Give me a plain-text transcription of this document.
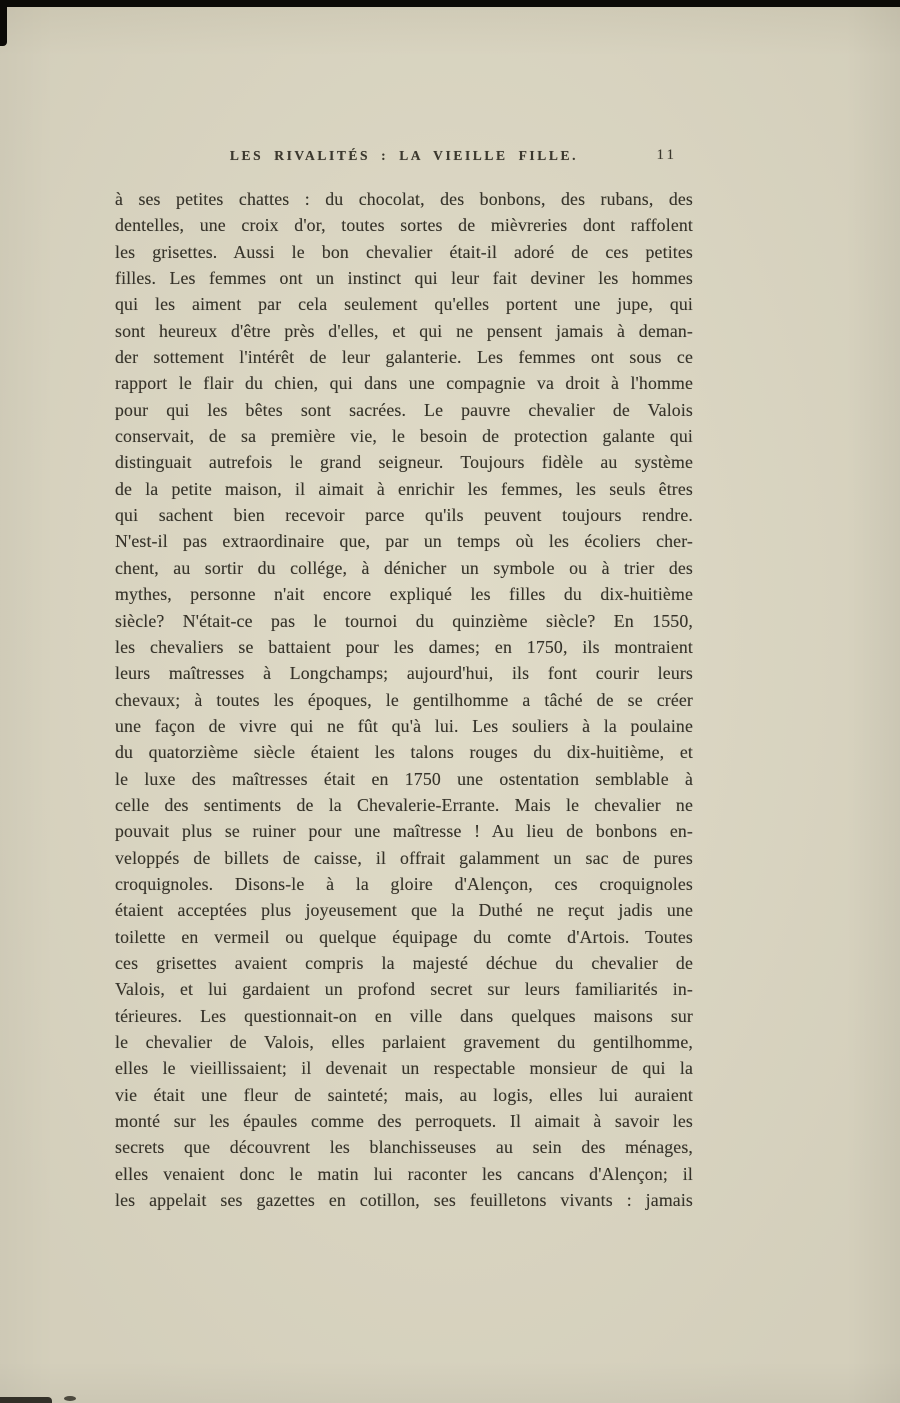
LES RIVALITÉS : LA VIEILLE FILLE.	11
à ses petites chattes : du chocolat, des bonbons, des rubans, des
dentelles, une croix d'or, toutes sortes de mièvreries dont raffolent
les grisettes. Aussi le bon chevalier était-il adoré de ces petites
filles. Les femmes ont un instinct qui leur fait deviner les hommes
qui les aiment par cela seulement qu'elles portent une jupe, qui
sont heureux d'être près d'elles, et qui ne pensent jamais à deman-
der sottement l'intérêt de leur galanterie. Les femmes ont sous ce
rapport le flair du chien, qui dans une compagnie va droit à l'homme
pour qui les bêtes sont sacrées. Le pauvre chevalier de Valois
conservait, de sa première vie, le besoin de protection galante qui
distinguait autrefois le grand seigneur. Toujours fidèle au système
de la petite maison, il aimait à enrichir les femmes, les seuls êtres
qui sachent bien recevoir parce qu'ils peuvent toujours rendre.
N'est-il pas extraordinaire que, par un temps où les écoliers cher-
chent, au sortir du collége, à dénicher un symbole ou à trier des
mythes, personne n'ait encore expliqué les filles du dix-huitième
siècle? N'était-ce pas le tournoi du quinzième siècle? En 1550,
les chevaliers se battaient pour les dames; en 1750, ils montraient
leurs maîtresses à Longchamps; aujourd'hui, ils font courir leurs
chevaux; à toutes les époques, le gentilhomme a tâché de se créer
une façon de vivre qui ne fût qu'à lui. Les souliers à la poulaine
du quatorzième siècle étaient les talons rouges du dix-huitième, et
le luxe des maîtresses était en 1750 une ostentation semblable à
celle des sentiments de la Chevalerie-Errante. Mais le chevalier ne
pouvait plus se ruiner pour une maîtresse ! Au lieu de bonbons en-
veloppés de billets de caisse, il offrait galamment un sac de pures
croquignoles. Disons-le à la gloire d'Alençon, ces croquignoles
étaient acceptées plus joyeusement que la Duthé ne reçut jadis une
toilette en vermeil ou quelque équipage du comte d'Artois. Toutes
ces grisettes avaient compris la majesté déchue du chevalier de
Valois, et lui gardaient un profond secret sur leurs familiarités in-
térieures. Les questionnait-on en ville dans quelques maisons sur
le chevalier de Valois, elles parlaient gravement du gentilhomme,
elles le vieillissaient; il devenait un respectable monsieur de qui la
vie était une fleur de sainteté; mais, au logis, elles lui auraient
monté sur les épaules comme des perroquets. Il aimait à savoir les
secrets que découvrent les blanchisseuses au sein des ménages,
elles venaient donc le matin lui raconter les cancans d'Alençon; il
les appelait ses gazettes en cotillon, ses feuilletons vivants : jamais
